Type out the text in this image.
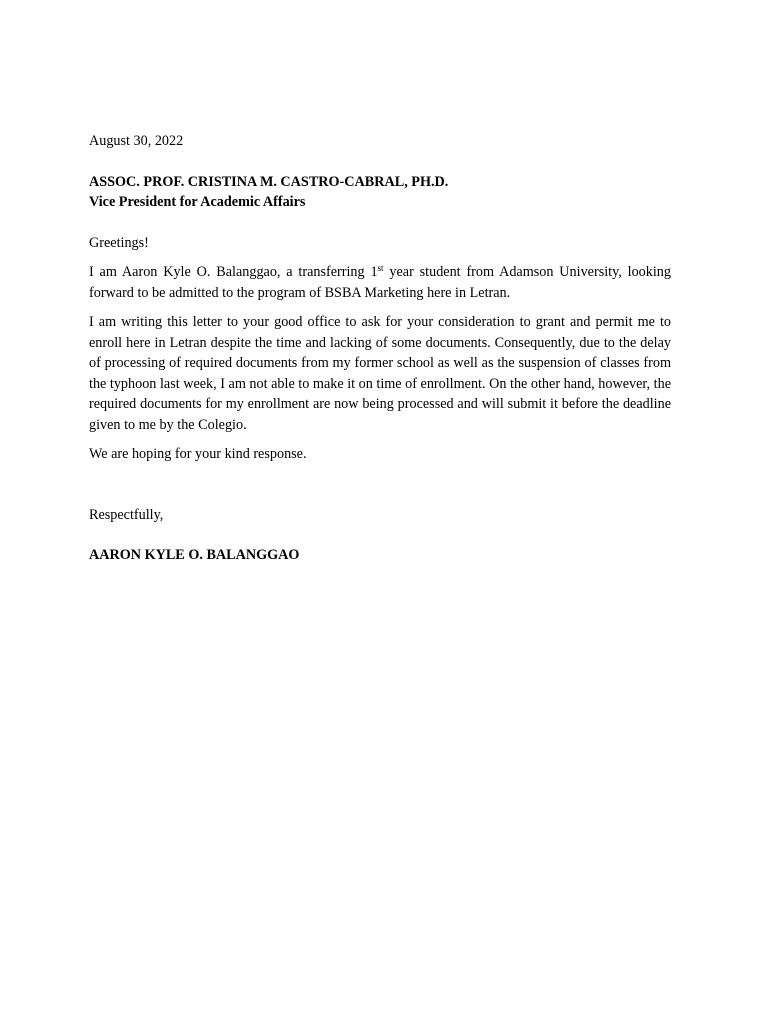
August 30, 2022

ASSOC. PROF. CRISTINA M. CASTRO-CABRAL, PH.D.

Vice President for Academic Affairs

Greetings!

I am Aaron Kyle O. Balanggao, a transferring 1st year student from Adamson University, looking forward to be admitted to the program of BSBA Marketing here in Letran.

I am writing this letter to your good office to ask for your consideration to grant and permit me to enroll here in Letran despite the time and lacking of some documents. Consequently, due to the delay of processing of required documents from my former school as well as the suspension of classes from the typhoon last week, I am not able to make it on time of enrollment. On the other hand, however, the required documents for my enrollment are now being processed and will submit it before the deadline given to me by the Colegio.

We are hoping for your kind response.

Respectfully,

AARON KYLE O. BALANGGAO
